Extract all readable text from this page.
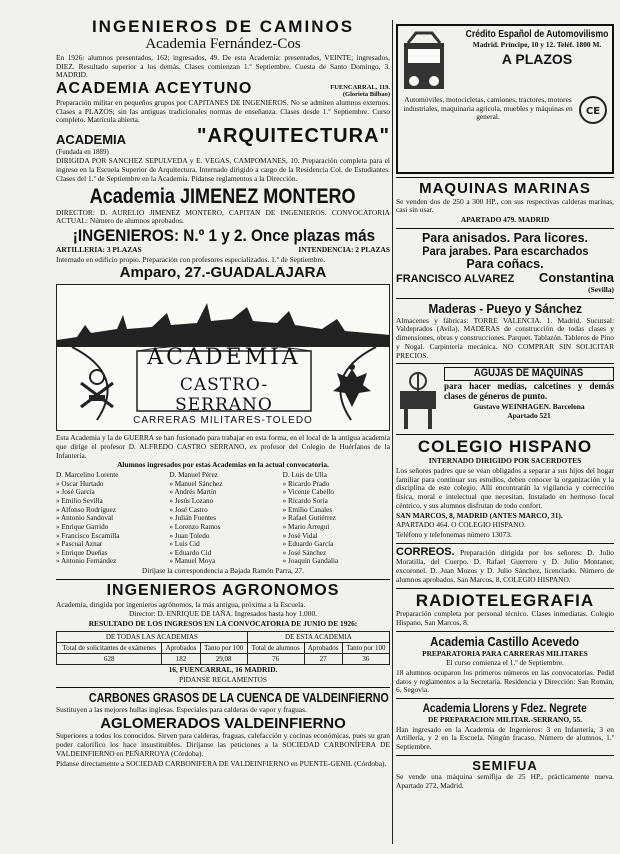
INGENIEROS DE CAMINOS
Academia Fernández-Cos
En 1926: alumnos presentados, 162; ingresados, 49. De esta Academia: presentados, VEINTE; ingresados, DIEZ. Resultado superior a los demás. Clases comienzan 1.º Septiembre. Cuesta de Santo Domingo, 3. MADRID.
ACADEMIA ACEYTUNO	FUENCARRAL, 119. (Glorieta Bilbao)
Preparación militar en pequeños grupos por CAPITANES DE INGENIEROS. No se admiten alumnos externos. Clases a PLAZOS; sin las antiguas tradicionales normas de enseñanza. Clases desde 1.º Septiembre. Curso completo. Matrícula abierta.
ACADEMIA	"ARQUITECTURA"
(Fundada en 1889)
DIRIGIDA POR SANCHEZ SEPULVEDA y E. VEGAS, CAMPOMANES, 10. Preparación completa para el ingreso en la Escuela Superior de Arquitectura. Internado dirigido a cargo de la Residencia Col. de Estudiantes. Clases del 1.º de Septiembre en la Academia. Pídanse reglamentos a la Dirección.
Academia JIMENEZ MONTERO
DIRECTOR: D. AURELIO JIMENEZ MONTERO, CAPITAN DE INGENIEROS. CONVOCATORIA ACTUAL: Número de alumnos aprobados.
¡INGENIEROS: N.º 1 y 2. Once plazas más
ARTILLERIA: 3 PLAZAS	INTENDENCIA: 2 PLAZAS
Internado en edificio propio. Preparación con profesores especializados. 1.º de Septiembre.
Amparo, 27.-GUADALAJARA
ACADEMIA
CASTRO-SERRANO
CARRERAS MILITARES-TOLEDO
Esta Academia y la de GUERRA se han fusionado para trabajar en esta forma, en el local de la antigua academia que dirige el profesor D. ALFREDO CASTRO SERRANO, ex profesor del Colegio de Huérfanos de la Infantería.
Alumnos ingresados por estas Academias en la actual convocatoria.
D. Marcelino Lorente
» Oscar Hurtado
» José García
» Emilio Sevilla
» Alfonso Rodríguez
» Antonio Sandoval
» Enrique Garrido
» Francisco Escamilla
» Pascual Aznar
» Enrique Dueñas
» Antonio Fernández
D. Manuel Pérez
» Manuel Sánchez
» Andrés Martín
» Jesús Lozano
» José Castro
» Julián Fuentes
» Lorenzo Ramos
» Juan Toledo
» Luis Cid
» Eduardo Cid
» Manuel Moya
D. Luis de Ulla
» Ricardo Prado
» Vicente Cabello
» Ricardo Soria
» Emilio Canales
» Rafael Gutiérrez
» Mario Arregui
» José Vidal
» Eduardo García
» José Sánchez
» Joaquín Gandalia
Diríjase la correspondencia a Bajada Ramón Parra, 27.
INGENIEROS AGRONOMOS
Academia, dirigida por ingenieros agrónomos, la más antigua, próxima a la Escuela.
Director: D. ENRIQUE DE IAÑA. Ingresados hasta hoy 1.000.
RESULTADO DE LOS INGRESOS EN LA CONVOCATORIA DE JUNIO DE 1926:
DE TODAS LAS ACADEMIAS			DE ESTA ACADEMIA		
Total de solicitantes de exámenes	Aprobados	Tanto por 100	Total de alumnos	Aprobados	Tanto por 100
628	182	29,08	76	27	36
16, FUENCARRAL, 16 MADRID.
PIDANSE REGLAMENTOS
CARBONES GRASOS DE LA CUENCA DE VALDEINFIERNO
Sustituyen a las mejores hullas inglesas. Especiales para calderas de vapor y fraguas.
AGLOMERADOS VALDEINFIERNO
Superiores a todos los conocidos. Sirven para calderas, fraguas, calefacción y cocinas económicas, pues su gran poder calorífico los hace insustituibles. Diríjanse las peticiones a la SOCIEDAD CARBONÍFERA DE VALDEINFIERNO en PEÑARROYA (Córdoba).
Pídanse directamente a SOCIEDAD CARBONIFERA DE VALDEINFIERNO en PUENTE-GENIL (Córdoba).
Crédito Español de Automovilismo
Madrid. Príncipe, 10 y 12. Teléf. 1800 M.
A PLAZOS
Automóviles, motocicletas, camiones, tractores, motores industriales, maquinaria agrícola, muebles y máquinas en general.	CE
MAQUINAS MARINAS
Se venden dos de 250 a 300 HP., con sus respectivas calderas marinas, casi sin usar.
APARTADO 479. MADRID
Para anisados. Para licores.
Para jarabes. Para escarchados
Para coñacs.
FRANCISCO ALVAREZ Constantina
(Sevilla)
Maderas - Pueyo y Sánchez
Almacenes y fábricas: TORRE VALENCIA. 1. Madrid. Sucursal: Valdeprados (Avila). MADERAS de construcción de todas clases y dimensiones, obras y construcciones. Parquet. Tablazón. Tableros de Pino y Nogal. Carpintería mecánica. NO COMPRAR SIN SOLICITAR PRECIOS.
AGUJAS DE MAQUINAS
para hacer medias, calcetines y demás clases de géneros de punto.
Gustavo WEINHAGEN. Barcelona
Apartado 521
COLEGIO HISPANO
INTERNADO DIRIGIDO POR SACERDOTES
Los señores padres que se vean obligados a separar a sus hijos del hogar familiar para continuar sus estudios, deben conocer la organización y la disciplina de este colegio. Allí encontrarán la vigilancia y corrección física, moral e intelectual que necesitan. Instalado en hermoso local céntrico, y sus alumnos disfrutan de todo confort.
SAN MARCOS, 8, MADRID (ANTES MARCO, 31).
APARTADO 464. O COLEGIO HISPANO.
Teléfono y telefonemas número 13073.
CORREOS. Preparación dirigida por los señores: D. Julio Moratilla, del Cuerpo. D. Rafael Guerrero y D. Julio Montaner, excoronel. D. Juan Mozos y D. Julio Sánchez, licenciado. Número de alumnos aprobados. San Marcos, 8, COLEGIO HISPANO.
RADIOTELEGRAFIA
Preparación completa por personal técnico. Clases inmediatas. Colegio Hispano, San Marcos, 8.
Academia Castillo Acevedo
PREPARATORIA PARA CARRERAS MILITARES
El curso comienza el 1.º de Septiembre.
18 alumnos ocuparon los primeros números en las convocatorias. Pedid datos y reglamentos a la Secretaría. Residencia y Dirección: San Román, 6, Segovia.
Academia Llorens y Fdez. Negrete
DE PREPARACION MILITAR.-SERRANO, 55.
Han ingresado en la Academia de Ingenieros: 3 en Infantería, 3 en Artillería, y 2 en la Escuela. Ningún fracaso. Número de alumnos, 1.º Septiembre.
SEMIFUA
Se vende una máquina semifija de 25 HP., prácticamente nueva. Apartado 272, Madrid.
